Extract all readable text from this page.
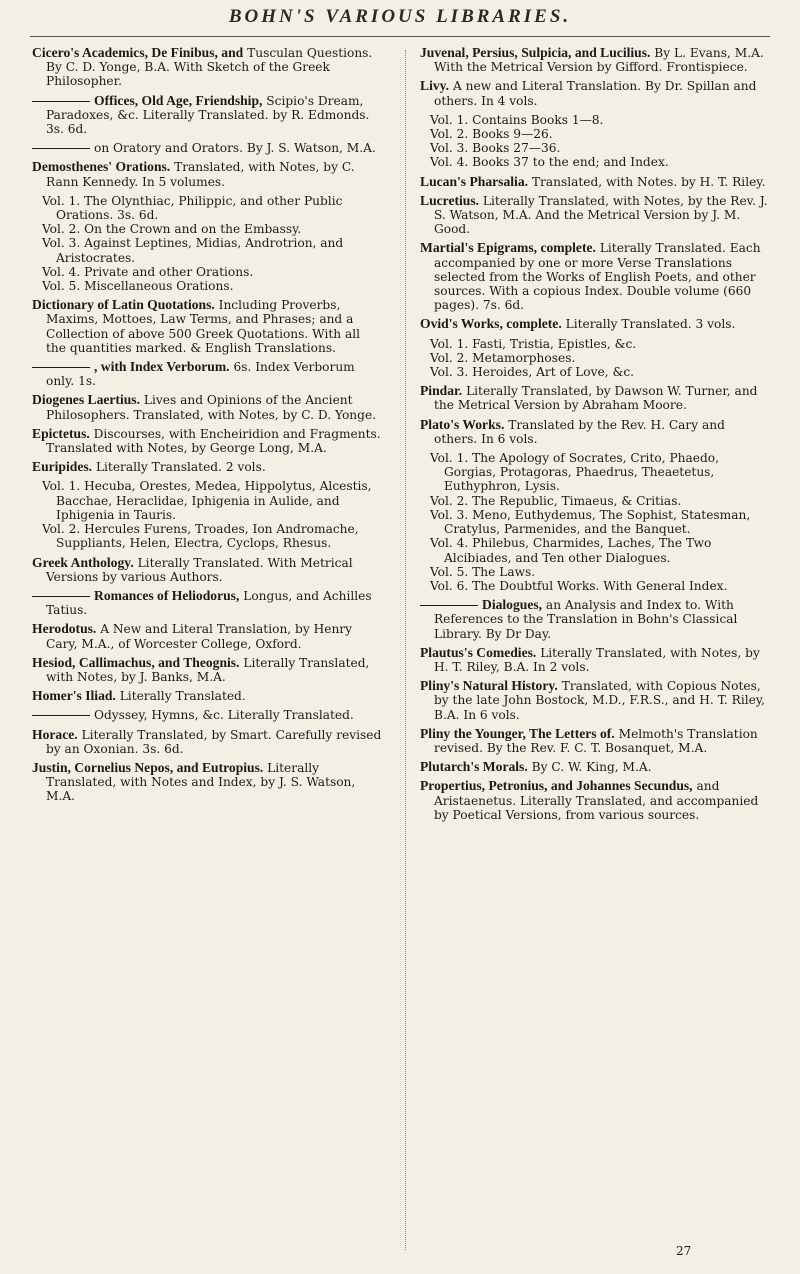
BOHN'S VARIOUS LIBRARIES.
Cicero's Academics, De Finibus, and Tusculan Questions. By C. D. Yonge, B.A. With Sketch of the Greek Philosopher.
Offices, Old Age, Friendship, Scipio's Dream, Paradoxes, &c. Literally Translated. by R. Edmonds. 3s. 6d.
on Oratory and Orators. By J. S. Watson, M.A.
Demosthenes' Orations. Translated, with Notes, by C. Rann Kennedy. In 5 volumes.
Vol. 1. The Olynthiac, Philippic, and other Public Orations. 3s. 6d.
Vol. 2. On the Crown and on the Embassy.
Vol. 3. Against Leptines, Midias, Androtrion, and Aristocrates.
Vol. 4. Private and other Orations.
Vol. 5. Miscellaneous Orations.
Dictionary of Latin Quotations. Including Proverbs, Maxims, Mottoes, Law Terms, and Phrases; and a Collection of above 500 Greek Quotations. With all the quantities marked. & English Translations.
, with Index Verborum. 6s. Index Verborum only. 1s.
Diogenes Laertius. Lives and Opinions of the Ancient Philosophers. Translated, with Notes, by C. D. Yonge.
Epictetus. Discourses, with Encheiridion and Fragments. Translated with Notes, by George Long, M.A.
Euripides. Literally Translated. 2 vols.
Vol. 1. Hecuba, Orestes, Medea, Hippolytus, Alcestis, Bacchae, Heraclidae, Iphigenia in Aulide, and Iphigenia in Tauris.
Vol. 2. Hercules Furens, Troades, Ion Andromache, Suppliants, Helen, Electra, Cyclops, Rhesus.
Greek Anthology. Literally Translated. With Metrical Versions by various Authors.
Romances of Heliodorus, Longus, and Achilles Tatius.
Herodotus. A New and Literal Translation, by Henry Cary, M.A., of Worcester College, Oxford.
Hesiod, Callimachus, and Theognis. Literally Translated, with Notes, by J. Banks, M.A.
Homer's Iliad. Literally Translated.
Odyssey, Hymns, &c. Literally Translated.
Horace. Literally Translated, by Smart. Carefully revised by an Oxonian. 3s. 6d.
Justin, Cornelius Nepos, and Eutropius. Literally Translated, with Notes and Index, by J. S. Watson, M.A.
Juvenal, Persius, Sulpicia, and Lucilius. By L. Evans, M.A. With the Metrical Version by Gifford. Frontispiece.
Livy. A new and Literal Translation. By Dr. Spillan and others. In 4 vols.
Vol. 1. Contains Books 1—8.
Vol. 2. Books 9—26.
Vol. 3. Books 27—36.
Vol. 4. Books 37 to the end; and Index.
Lucan's Pharsalia. Translated, with Notes. by H. T. Riley.
Lucretius. Literally Translated, with Notes, by the Rev. J. S. Watson, M.A. And the Metrical Version by J. M. Good.
Martial's Epigrams, complete. Literally Translated. Each accompanied by one or more Verse Translations selected from the Works of English Poets, and other sources. With a copious Index. Double volume (660 pages). 7s. 6d.
Ovid's Works, complete. Literally Translated. 3 vols.
Vol. 1. Fasti, Tristia, Epistles, &c.
Vol. 2. Metamorphoses.
Vol. 3. Heroides, Art of Love, &c.
Pindar. Literally Translated, by Dawson W. Turner, and the Metrical Version by Abraham Moore.
Plato's Works. Translated by the Rev. H. Cary and others. In 6 vols.
Vol. 1. The Apology of Socrates, Crito, Phaedo, Gorgias, Protagoras, Phaedrus, Theaetetus, Euthyphron, Lysis.
Vol. 2. The Republic, Timaeus, & Critias.
Vol. 3. Meno, Euthydemus, The Sophist, Statesman, Cratylus, Parmenides, and the Banquet.
Vol. 4. Philebus, Charmides, Laches, The Two Alcibiades, and Ten other Dialogues.
Vol. 5. The Laws.
Vol. 6. The Doubtful Works. With General Index.
Dialogues, an Analysis and Index to. With References to the Translation in Bohn's Classical Library. By Dr Day.
Plautus's Comedies. Literally Translated, with Notes, by H. T. Riley, B.A. In 2 vols.
Pliny's Natural History. Translated, with Copious Notes, by the late John Bostock, M.D., F.R.S., and H. T. Riley, B.A. In 6 vols.
Pliny the Younger, The Letters of. Melmoth's Translation revised. By the Rev. F. C. T. Bosanquet, M.A.
Plutarch's Morals. By C. W. King, M.A.
Propertius, Petronius, and Johannes Secundus, and Aristaenetus. Literally Translated, and accompanied by Poetical Versions, from various sources.
27
